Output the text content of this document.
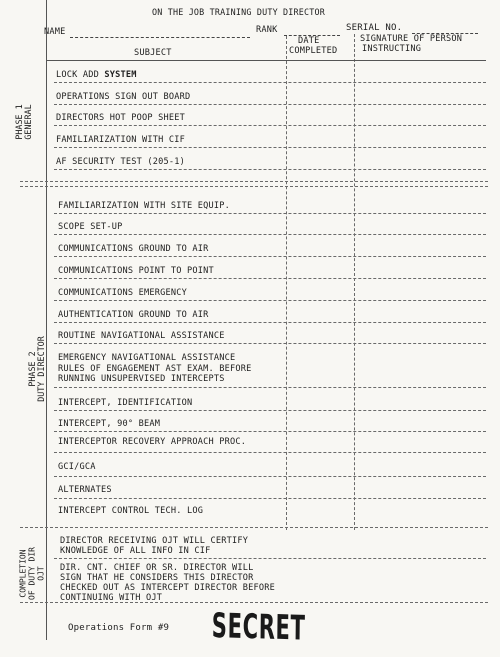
ON THE JOB TRAINING DUTY DIRECTOR
NAME	RANK	SERIAL NO.
SUBJECT
DATE
COMPLETED
SIGNATURE OF PERSON
INSTRUCTING
PHASE 1 GENERAL
LOCK ADD SYSTEM
OPERATIONS SIGN OUT BOARD
DIRECTORS HOT POOP SHEET
FAMILIARIZATION WITH CIF
AF SECURITY TEST (205-1)
PHASE 2 DUTY DIRECTOR
FAMILIARIZATION WITH SITE EQUIP.
SCOPE SET-UP
COMMUNICATIONS GROUND TO AIR
COMMUNICATIONS POINT TO POINT
COMMUNICATIONS EMERGENCY
AUTHENTICATION GROUND TO AIR
ROUTINE NAVIGATIONAL ASSISTANCE
EMERGENCY NAVIGATIONAL ASSISTANCE
RULES OF ENGAGEMENT AST EXAM. BEFORE
RUNNING UNSUPERVISED INTERCEPTS
INTERCEPT, IDENTIFICATION
INTERCEPT, 90° BEAM
INTERCEPTOR RECOVERY APPROACH PROC.
GCI/GCA
ALTERNATES
INTERCEPT CONTROL TECH. LOG
COMPLETION OF DUTY DIR OJT
DIRECTOR RECEIVING OJT WILL CERTIFY
KNOWLEDGE OF ALL INFO IN CIF
DIR. CNT. CHIEF OR SR. DIRECTOR WILL
SIGN THAT HE CONSIDERS THIS DIRECTOR
CHECKED OUT AS INTERCEPT DIRECTOR BEFORE
CONTINUING WITH OJT
Operations Form #9 SECRET
